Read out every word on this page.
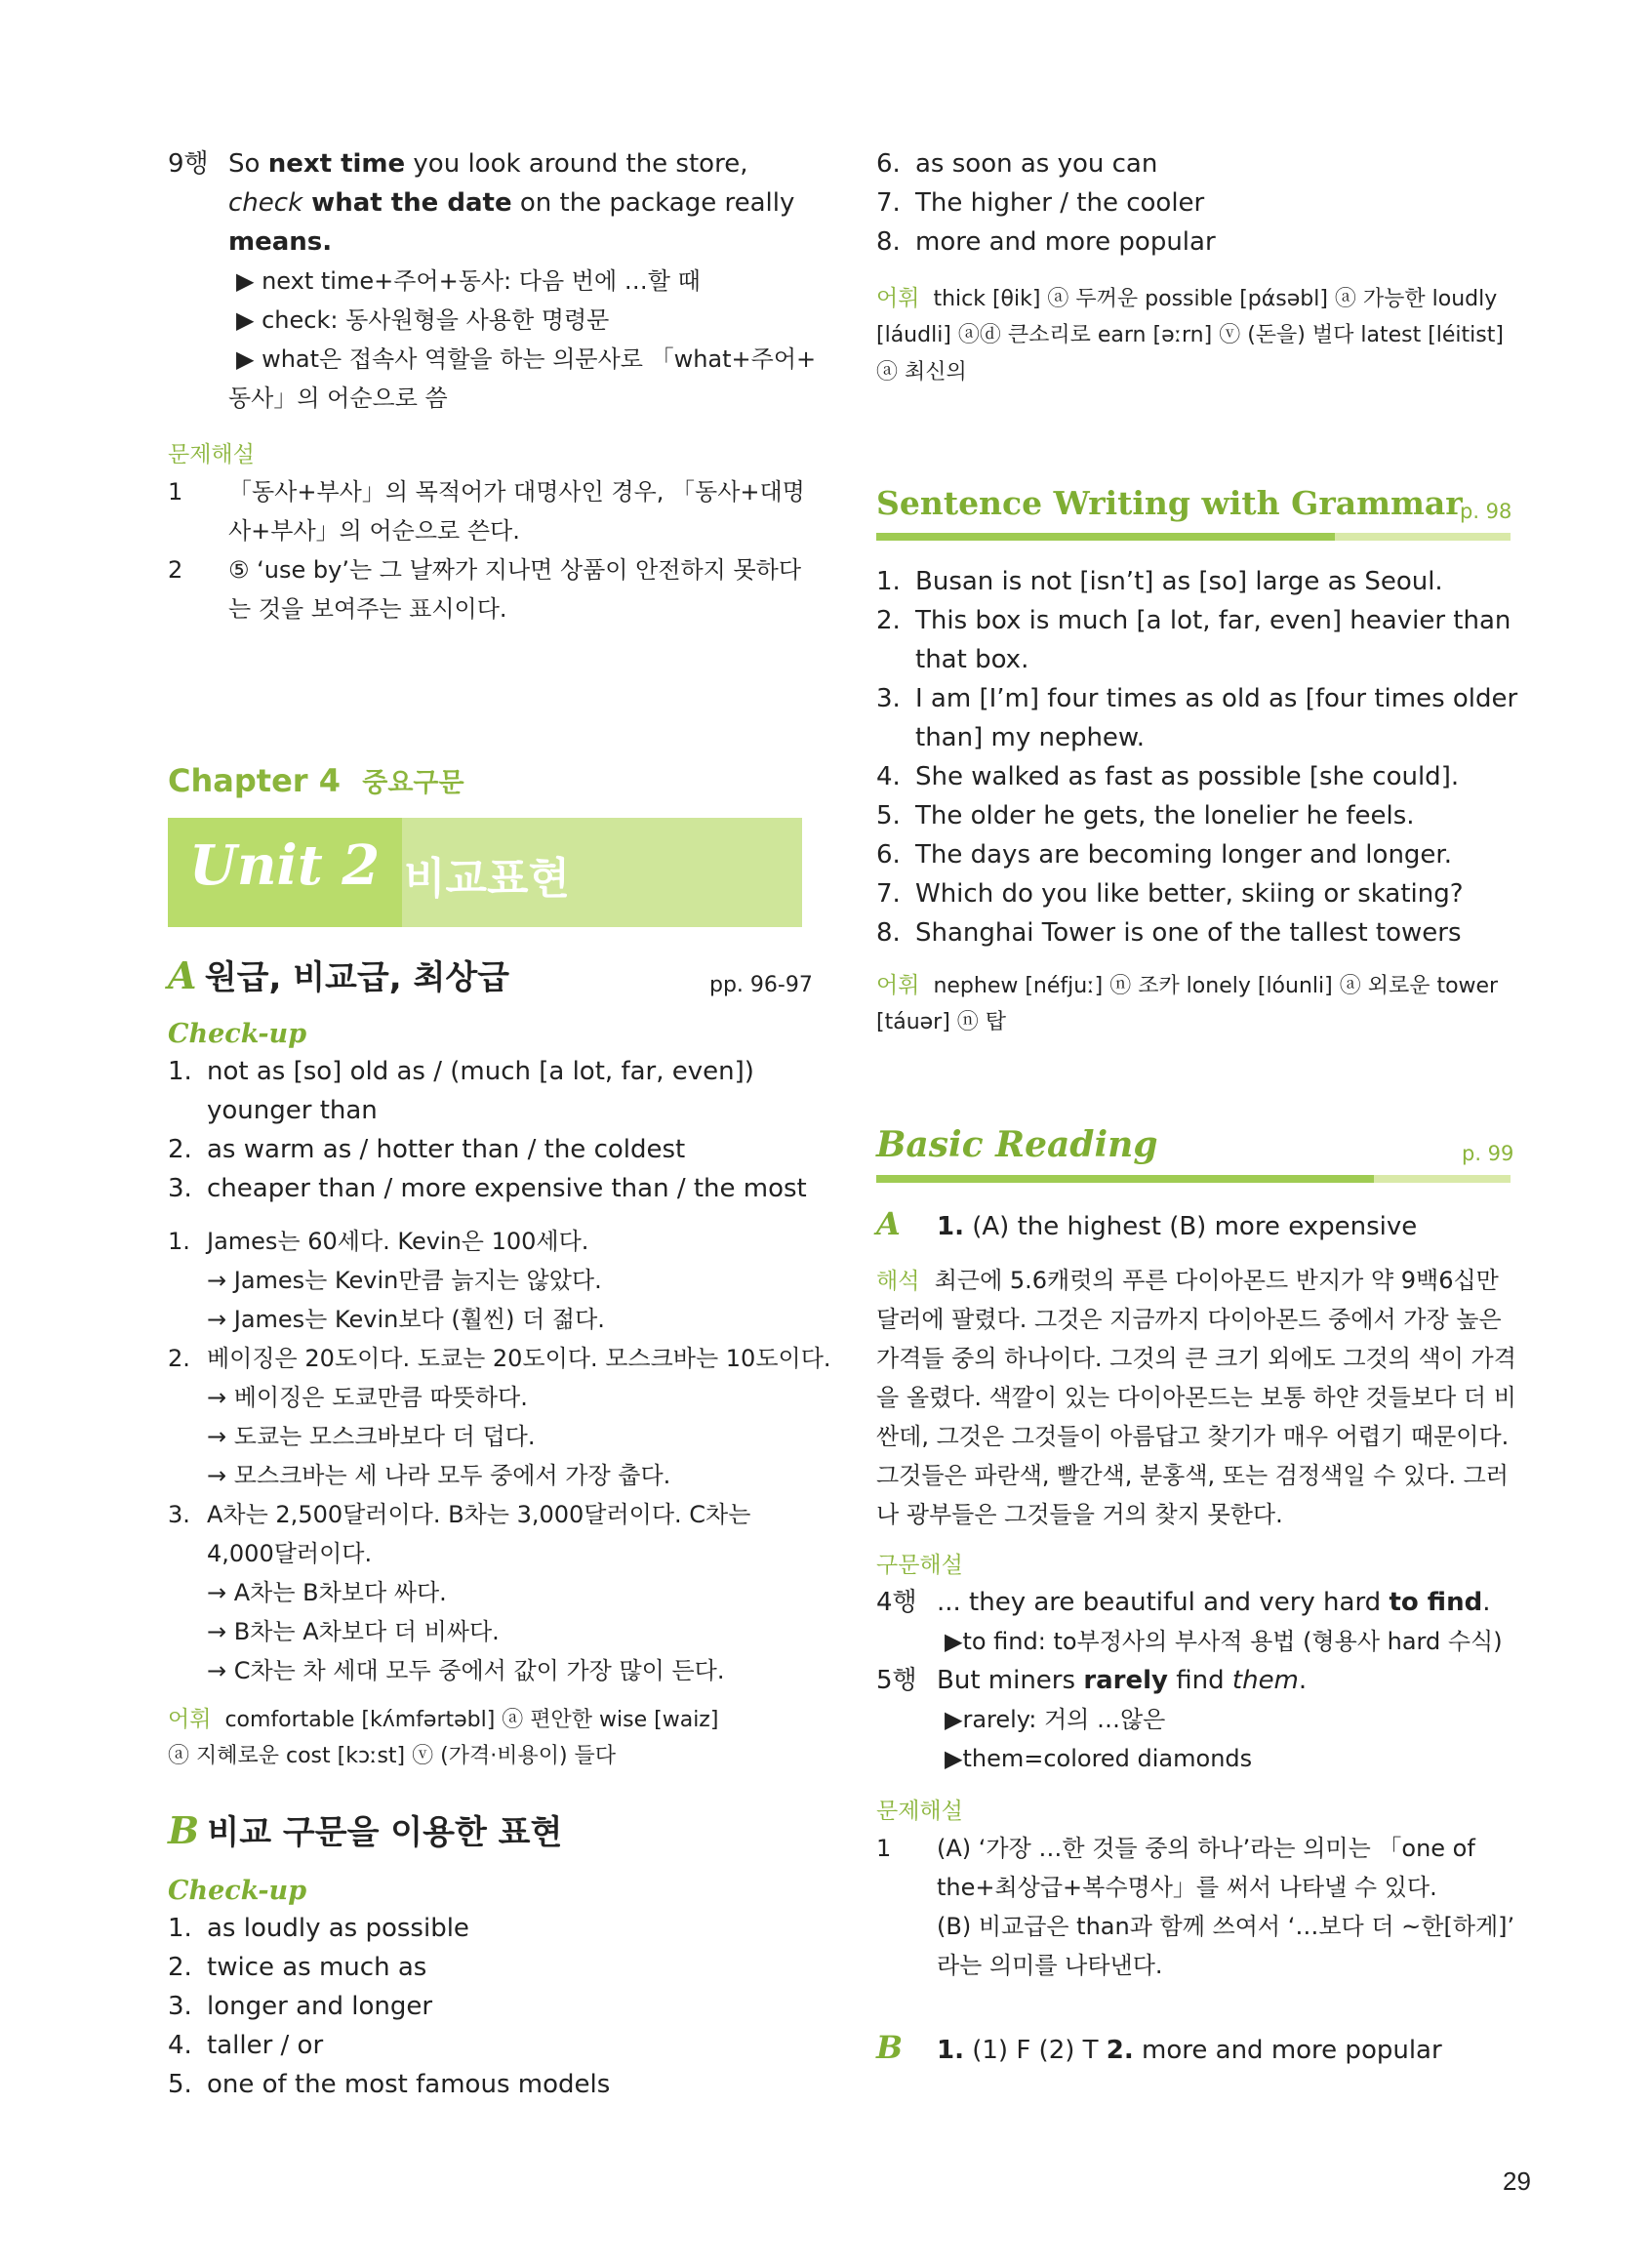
9행 So next time you look around the store,
check what the date on the package really
means.
▶ next time+주어+동사: 다음 번에 …할 때
▶ check: 동사원형을 사용한 명령문
▶ what은 접속사 역할을 하는 의문사로 「what+주어+
동사」의 어순으로 씀
문제해설
1 「동사+부사」의 목적어가 대명사인 경우, 「동사+대명
사+부사」의 어순으로 쓴다.
2 ⑤ ‘use by’는 그 날짜가 지나면 상품이 안전하지 못하다
는 것을 보여주는 표시이다.
Chapter 4 중요구문
Unit 2 비교표현
A 원급, 비교급, 최상급	pp. 96-97
Check-up
1. not as [so] old as / (much [a lot, far, even])
younger than
2. as warm as / hotter than / the coldest
3. cheaper than / more expensive than / the most
1. James는 60세다. Kevin은 100세다.
→ James는 Kevin만큼 늙지는 않았다.
→ James는 Kevin보다 (훨씬) 더 젊다.
2. 베이징은 20도이다. 도쿄는 20도이다. 모스크바는 10도이다.
→ 베이징은 도쿄만큼 따뜻하다.
→ 도쿄는 모스크바보다 더 덥다.
→ 모스크바는 세 나라 모두 중에서 가장 춥다.
3. A차는 2,500달러이다. B차는 3,000달러이다. C차는
4,000달러이다.
→ A차는 B차보다 싸다.
→ B차는 A차보다 더 비싸다.
→ C차는 차 세대 모두 중에서 값이 가장 많이 든다.
어휘 comfortable [kʌ́mfərtəbl] ⓐ 편안한 wise [waiz]
ⓐ 지혜로운 cost [kɔːst] ⓥ (가격·비용이) 들다
B 비교 구문을 이용한 표현
Check-up
1. as loudly as possible
2. twice as much as
3. longer and longer
4. taller / or
5. one of the most famous models
6. as soon as you can
7. The higher / the cooler
8. more and more popular
어휘 thick [θik] ⓐ 두꺼운 possible [pάsəbl] ⓐ 가능한 loudly
[láudli] ⓐⓓ 큰소리로 earn [əːrn] ⓥ (돈을) 벌다 latest [léitist]
ⓐ 최신의
Sentence Writing with Grammar
p. 98
1. Busan is not [isn’t] as [so] large as Seoul.
2. This box is much [a lot, far, even] heavier than
that box.
3. I am [I’m] four times as old as [four times older
than] my nephew.
4. She walked as fast as possible [she could].
5. The older he gets, the lonelier he feels.
6. The days are becoming longer and longer.
7. Which do you like better, skiing or skating?
8. Shanghai Tower is one of the tallest towers
어휘 nephew [néfjuː] ⓝ 조카 lonely [lóunli] ⓐ 외로운 tower
[táuər] ⓝ 탑
Basic Reading	p. 99
A 1. (A) the highest (B) more expensive
해석 최근에 5.6캐럿의 푸른 다이아몬드 반지가 약 9백6십만
달러에 팔렸다. 그것은 지금까지 다이아몬드 중에서 가장 높은
가격들 중의 하나이다. 그것의 큰 크기 외에도 그것의 색이 가격
을 올렸다. 색깔이 있는 다이아몬드는 보통 하얀 것들보다 더 비
싼데, 그것은 그것들이 아름답고 찾기가 매우 어렵기 때문이다.
그것들은 파란색, 빨간색, 분홍색, 또는 검정색일 수 있다. 그러
나 광부들은 그것들을 거의 찾지 못한다.
구문해설
4행 ... they are beautiful and very hard to find.
▶to find: to부정사의 부사적 용법 (형용사 hard 수식)
5행 But miners rarely find them.
▶rarely: 거의 …않은
▶them=colored diamonds
문제해설
1 (A) ‘가장 …한 것들 중의 하나’라는 의미는 「one of
the+최상급+복수명사」를 써서 나타낼 수 있다.
(B) 비교급은 than과 함께 쓰여서 ‘…보다 더 ~한[하게]’
라는 의미를 나타낸다.
B 1. (1) F (2) T 2. more and more popular
29
